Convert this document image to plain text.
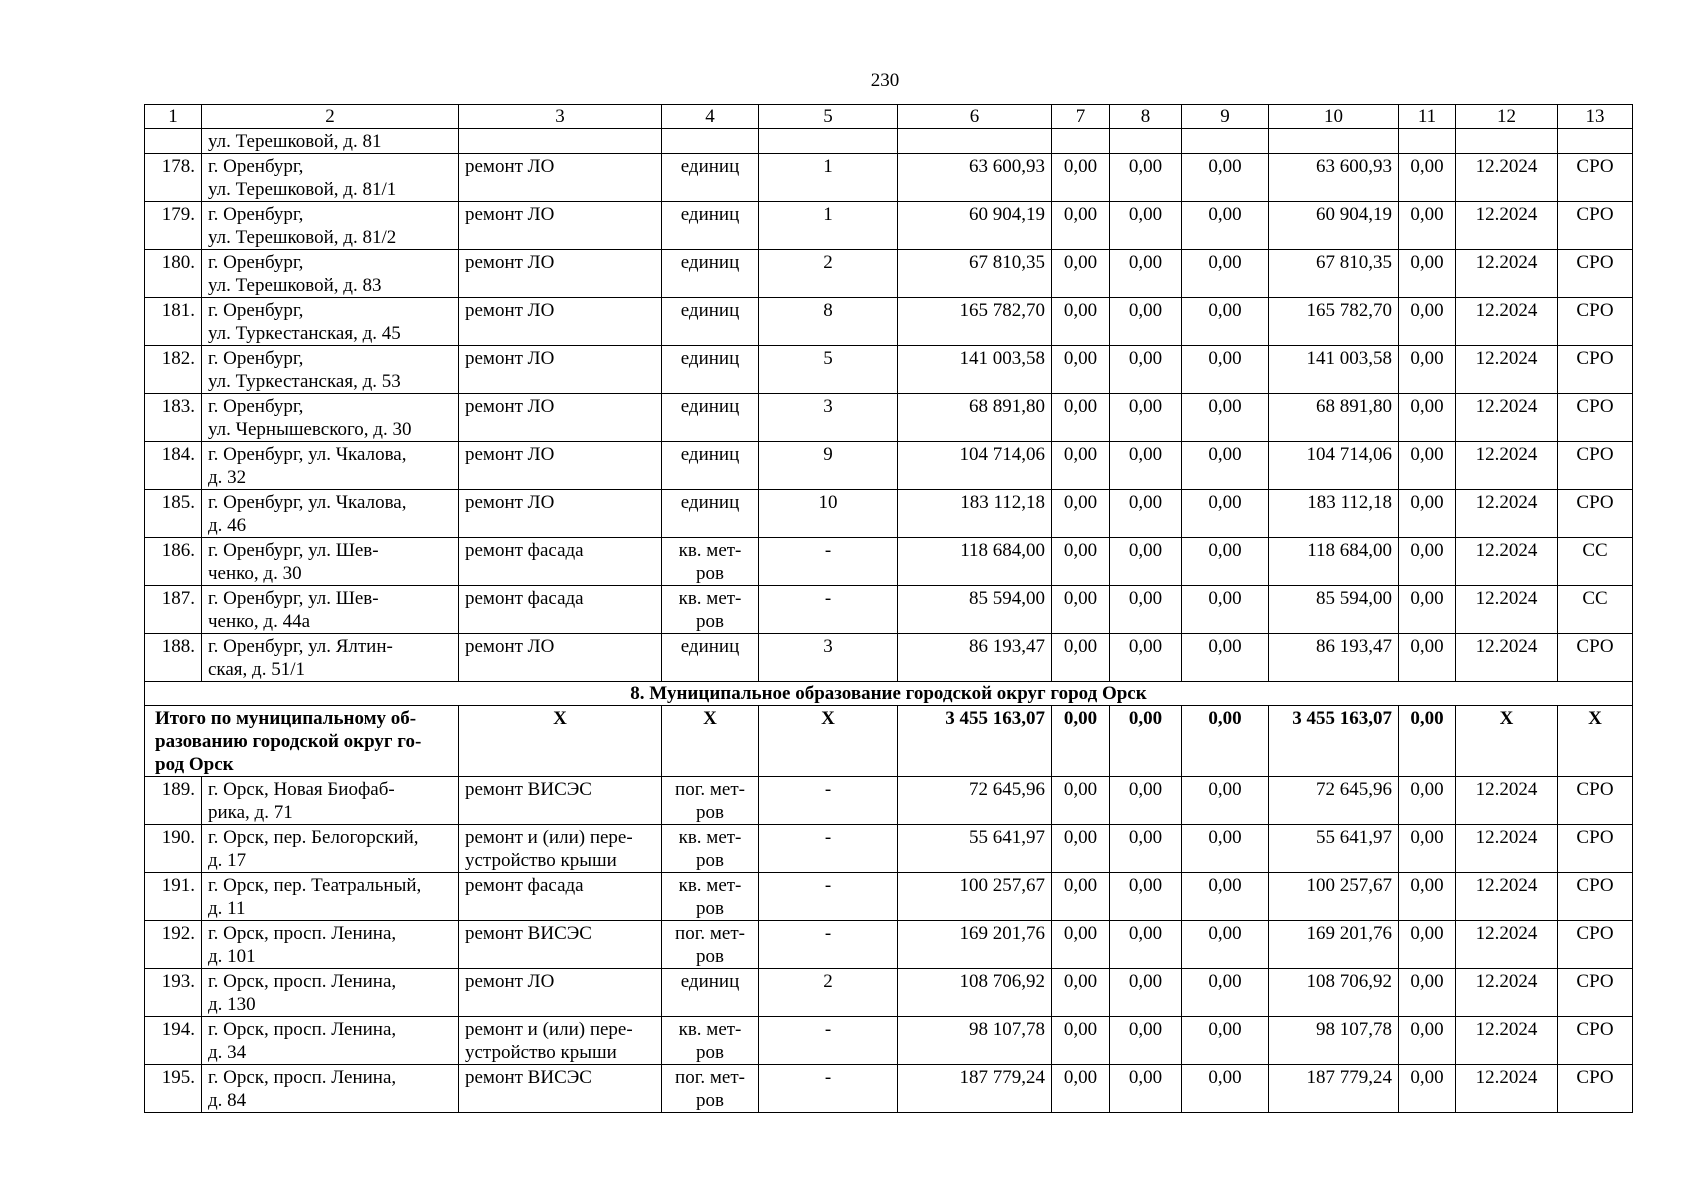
230
1	2	3	4	5	6	7	8	9	10	11	12	13
	ул. Терешковой, д. 81											
178.	г. Оренбург,
ул. Терешковой, д. 81/1	ремонт ЛО	единиц	1	63 600,93	0,00	0,00	0,00	63 600,93	0,00	12.2024	СРО
179.	г. Оренбург,
ул. Терешковой, д. 81/2	ремонт ЛО	единиц	1	60 904,19	0,00	0,00	0,00	60 904,19	0,00	12.2024	СРО
180.	г. Оренбург,
ул. Терешковой, д. 83	ремонт ЛО	единиц	2	67 810,35	0,00	0,00	0,00	67 810,35	0,00	12.2024	СРО
181.	г. Оренбург,
ул. Туркестанская, д. 45	ремонт ЛО	единиц	8	165 782,70	0,00	0,00	0,00	165 782,70	0,00	12.2024	СРО
182.	г. Оренбург,
ул. Туркестанская, д. 53	ремонт ЛО	единиц	5	141 003,58	0,00	0,00	0,00	141 003,58	0,00	12.2024	СРО
183.	г. Оренбург,
ул. Чернышевского, д. 30	ремонт ЛО	единиц	3	68 891,80	0,00	0,00	0,00	68 891,80	0,00	12.2024	СРО
184.	г. Оренбург, ул. Чкалова,
д. 32	ремонт ЛО	единиц	9	104 714,06	0,00	0,00	0,00	104 714,06	0,00	12.2024	СРО
185.	г. Оренбург, ул. Чкалова,
д. 46	ремонт ЛО	единиц	10	183 112,18	0,00	0,00	0,00	183 112,18	0,00	12.2024	СРО
186.	г. Оренбург, ул. Шев-
ченко, д. 30	ремонт фасада	кв. мет-
ров	-	118 684,00	0,00	0,00	0,00	118 684,00	0,00	12.2024	СС
187.	г. Оренбург, ул. Шев-
ченко, д. 44а	ремонт фасада	кв. мет-
ров	-	85 594,00	0,00	0,00	0,00	85 594,00	0,00	12.2024	СС
188.	г. Оренбург, ул. Ялтин-
ская, д. 51/1	ремонт ЛО	единиц	3	86 193,47	0,00	0,00	0,00	86 193,47	0,00	12.2024	СРО
8. Муниципальное образование городской округ город Орск												
Итого по муниципальному об-
разованию городской округ го-
род Орск		Х	Х	Х	3 455 163,07	0,00	0,00	0,00	3 455 163,07	0,00	Х	Х
189.	г. Орск, Новая Биофаб-
рика, д. 71	ремонт ВИСЭС	пог. мет-
ров	-	72 645,96	0,00	0,00	0,00	72 645,96	0,00	12.2024	СРО
190.	г. Орск, пер. Белогорский,
д. 17	ремонт и (или) пере-
устройство крыши	кв. мет-
ров	-	55 641,97	0,00	0,00	0,00	55 641,97	0,00	12.2024	СРО
191.	г. Орск, пер. Театральный,
д. 11	ремонт фасада	кв. мет-
ров	-	100 257,67	0,00	0,00	0,00	100 257,67	0,00	12.2024	СРО
192.	г. Орск, просп. Ленина,
д. 101	ремонт ВИСЭС	пог. мет-
ров	-	169 201,76	0,00	0,00	0,00	169 201,76	0,00	12.2024	СРО
193.	г. Орск, просп. Ленина,
д. 130	ремонт ЛО	единиц	2	108 706,92	0,00	0,00	0,00	108 706,92	0,00	12.2024	СРО
194.	г. Орск, просп. Ленина,
д. 34	ремонт и (или) пере-
устройство крыши	кв. мет-
ров	-	98 107,78	0,00	0,00	0,00	98 107,78	0,00	12.2024	СРО
195.	г. Орск, просп. Ленина,
д. 84	ремонт ВИСЭС	пог. мет-
ров	-	187 779,24	0,00	0,00	0,00	187 779,24	0,00	12.2024	СРО
